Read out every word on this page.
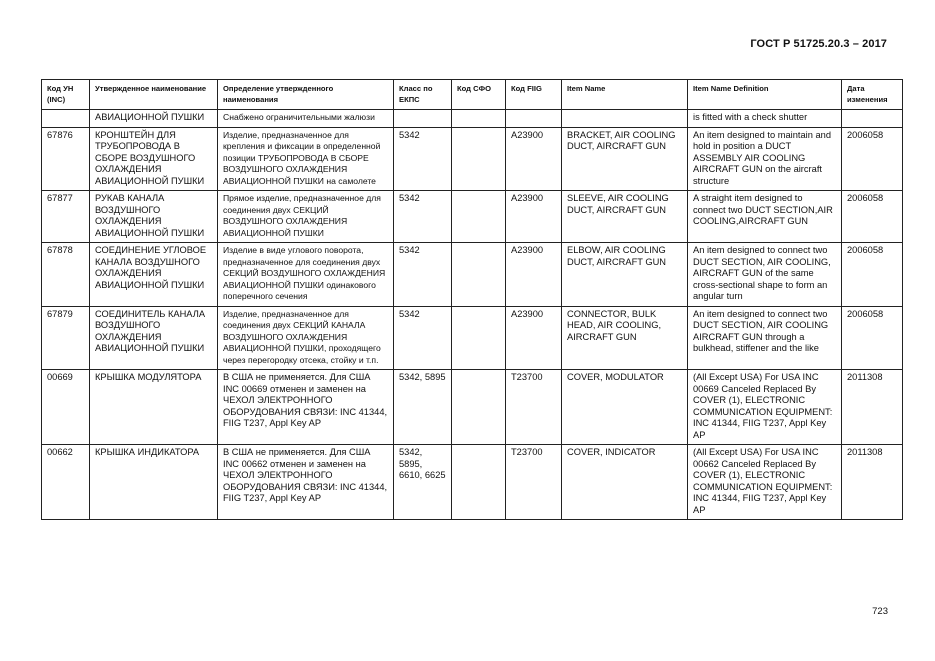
ГОСТ Р 51725.20.3 – 2017
Код УН (INC)	Утвержденное наименование	Определение утвержденного наименования	Класс по ЕКПС	Код СФО	Код FIIG	Item Name	Item Name Definition	Дата изменения
	АВИАЦИОННОЙ ПУШКИ	Снабжено ограничительными жалюзи					is fitted with a check shutter	
67876	КРОНШТЕЙН ДЛЯ ТРУБОПРОВОДА В СБОРЕ ВОЗДУШНОГО ОХЛАЖДЕНИЯ АВИАЦИОННОЙ ПУШКИ	Изделие, предназначенное для крепления и фиксации в определенной позиции ТРУБОПРОВОДА В СБОРЕ ВОЗДУШНОГО ОХЛАЖДЕНИЯ АВИАЦИОННОЙ ПУШКИ на самолете	5342		A23900	BRACKET, AIR COOLING DUCT, AIRCRAFT GUN	An item designed to maintain and hold in position a DUCT ASSEMBLY AIR COOLING AIRCRAFT GUN on the aircraft structure	2006058
67877	РУКАВ КАНАЛА ВОЗДУШНОГО ОХЛАЖДЕНИЯ АВИАЦИОННОЙ ПУШКИ	Прямое изделие, предназначенное для соединения двух СЕКЦИЙ ВОЗДУШНОГО ОХЛАЖДЕНИЯ АВИАЦИОННОЙ ПУШКИ	5342		A23900	SLEEVE, AIR COOLING DUCT, AIRCRAFT GUN	A straight item designed to connect two DUCT SECTION,AIR COOLING,AIRCRAFT GUN	2006058
67878	СОЕДИНЕНИЕ УГЛОВОЕ КАНАЛА ВОЗДУШНОГО ОХЛАЖДЕНИЯ АВИАЦИОННОЙ ПУШКИ	Изделие в виде углового поворота, предназначенное для соединения двух СЕКЦИЙ ВОЗДУШНОГО ОХЛАЖДЕНИЯ АВИАЦИОННОЙ ПУШКИ одинакового поперечного сечения	5342		A23900	ELBOW, AIR COOLING DUCT, AIRCRAFT GUN	An item designed to connect two DUCT SECTION, AIR COOLING, AIRCRAFT GUN of the same cross-sectional shape to form an angular turn	2006058
67879	СОЕДИНИТЕЛЬ КАНАЛА ВОЗДУШНОГО ОХЛАЖДЕНИЯ АВИАЦИОННОЙ ПУШКИ	Изделие, предназначенное для соединения двух СЕКЦИЙ КАНАЛА ВОЗДУШНОГО ОХЛАЖДЕНИЯ АВИАЦИОННОЙ ПУШКИ, проходящего через перегородку отсека, стойку и т.п.	5342		A23900	CONNECTOR, BULK HEAD, AIR COOLING, AIRCRAFT GUN	An item designed to connect two DUCT SECTION, AIR COOLING AIRCRAFT GUN through a bulkhead, stiffener and the like	2006058
00669	КРЫШКА МОДУЛЯТОРА	В США не применяется. Для США INC 00669 отменен и заменен на ЧЕХОЛ ЭЛЕКТРОННОГО ОБОРУДОВАНИЯ СВЯЗИ: INC 41344, FIIG T237, Appl Key AP	5342, 5895		T23700	COVER, MODULATOR	(All Except USA) For USA INC 00669 Canceled Replaced By COVER (1), ELECTRONIC COMMUNICATION EQUIPMENT: INC 41344, FIIG T237, Appl Key AP	2011308
00662	КРЫШКА ИНДИКАТОРА	В США не применяется. Для США INC 00662 отменен и заменен на ЧЕХОЛ ЭЛЕКТРОННОГО ОБОРУДОВАНИЯ СВЯЗИ: INC 41344, FIIG T237, Appl Key AP	5342, 5895, 6610, 6625		T23700	COVER, INDICATOR	(All Except USA) For USA INC 00662 Canceled Replaced By COVER (1), ELECTRONIC COMMUNICATION EQUIPMENT: INC 41344, FIIG T237, Appl Key AP	2011308
723
